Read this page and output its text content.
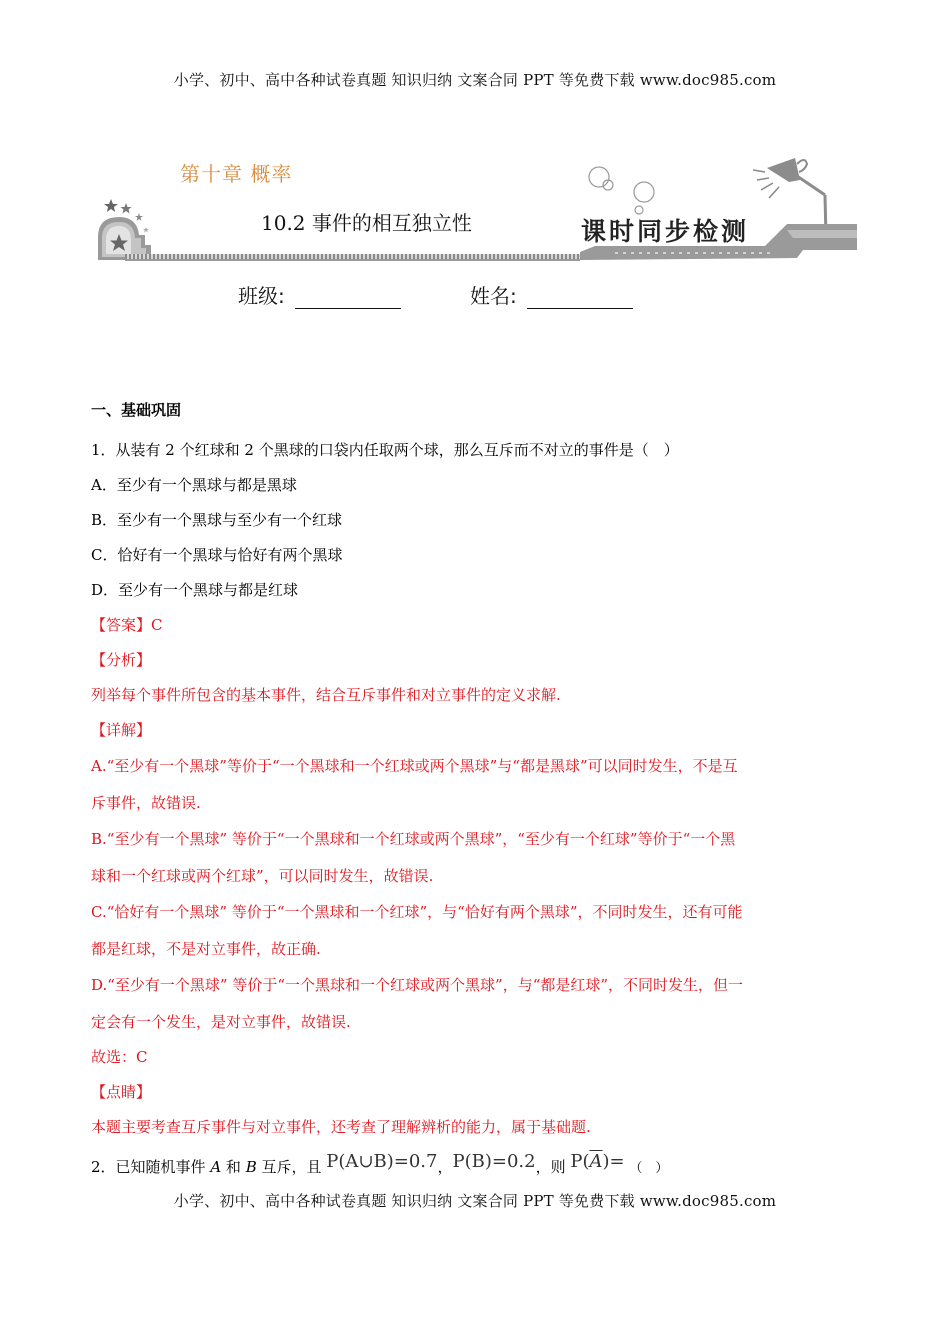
小学、初中、高中各种试卷真题 知识归纳 文案合同 PPT 等免费下载 www.doc985.com
第十章 概率
10.2 事件的相互独立性	课时同步检测
班级:	姓名:
一、基础巩固
1．从装有 2 个红球和 2 个黑球的口袋内任取两个球，那么互斥而不对立的事件是（　）
A．至少有一个黑球与都是黑球
B．至少有一个黑球与至少有一个红球
C．恰好有一个黑球与恰好有两个黑球
D．至少有一个黑球与都是红球
【答案】C
【分析】
列举每个事件所包含的基本事件，结合互斥事件和对立事件的定义求解.
【详解】
A.“至少有一个黑球”等价于“一个黑球和一个红球或两个黑球”与“都是黑球”可以同时发生，不是互
斥事件，故错误.
B.“至少有一个黑球” 等价于“一个黑球和一个红球或两个黑球”，“至少有一个红球”等价于“一个黑
球和一个红球或两个红球”，可以同时发生，故错误.
C.“恰好有一个黑球” 等价于“一个黑球和一个红球”，与“恰好有两个黑球”，不同时发生，还有可能
都是红球，不是对立事件，故正确.
D.“至少有一个黑球” 等价于“一个黑球和一个红球或两个黑球”，与“都是红球”，不同时发生，但一
定会有一个发生，是对立事件，故错误.
故选：C
【点睛】
本题主要考查互斥事件与对立事件，还考查了理解辨析的能力，属于基础题.
2．已知随机事件 A 和 B 互斥，且 P(A∪B)=0.7，P(B)=0.2，则 $P(\overline{A})=$ （　）
小学、初中、高中各种试卷真题 知识归纳 文案合同 PPT 等免费下载 www.doc985.com
